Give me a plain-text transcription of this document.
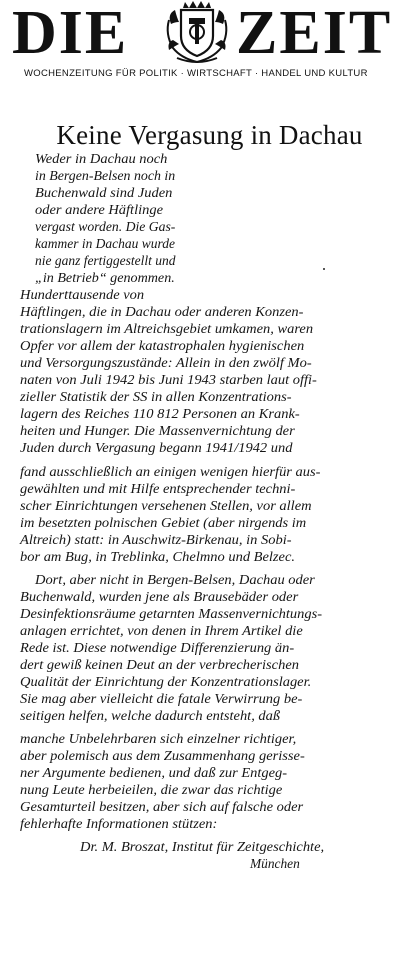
DIE ZEIT
WOCHENZEITUNG FÜR POLITIK · WIRTSCHAFT · HANDEL UND KULTUR
Keine Vergasung in Dachau
Weder in Dachau noch
in Bergen-Belsen noch in
Buchenwald sind Juden
oder andere Häftlinge
vergast worden. Die Gas-
kammer in Dachau wurde
nie ganz fertiggestellt und
„in Betrieb“ genommen.
Hunderttausende von
Häftlingen, die in Dachau oder anderen Konzen-
trationslagern im Altreichsgebiet umkamen, waren
Opfer vor allem der katastrophalen hygienischen
und Versorgungszustände: Allein in den zwölf Mo-
naten von Juli 1942 bis Juni 1943 starben laut offi-
zieller Statistik der SS in allen Konzentrations-
lagern des Reiches 110 812 Personen an Krank-
heiten und Hunger. Die Massenvernichtung der
Juden durch Vergasung begann 1941/1942 und
fand ausschließlich an einigen wenigen hierfür aus-
gewählten und mit Hilfe entsprechender techni-
scher Einrichtungen versehenen Stellen, vor allem
im besetzten polnischen Gebiet (aber nirgends im
Altreich) statt: in Auschwitz-Birkenau, in Sobi-
bor am Bug, in Treblinka, Chelmno und Belzec.
Dort, aber nicht in Bergen-Belsen, Dachau oder
Buchenwald, wurden jene als Brausebäder oder
Desinfektionsräume getarnten Massenvernichtungs-
anlagen errichtet, von denen in Ihrem Artikel die
Rede ist. Diese notwendige Differenzierung än-
dert gewiß keinen Deut an der verbrecherischen
Qualität der Einrichtung der Konzentrationslager.
Sie mag aber vielleicht die fatale Verwirrung be-
seitigen helfen, welche dadurch entsteht, daß
manche Unbelehrbaren sich einzelner richtiger,
aber polemisch aus dem Zusammenhang gerisse-
ner Argumente bedienen, und daß zur Entgeg-
nung Leute herbeieilen, die zwar das richtige
Gesamturteil besitzen, aber sich auf falsche oder
fehlerhafte Informationen stützen:
Dr. M. Broszat, Institut für Zeitgeschichte,
München
